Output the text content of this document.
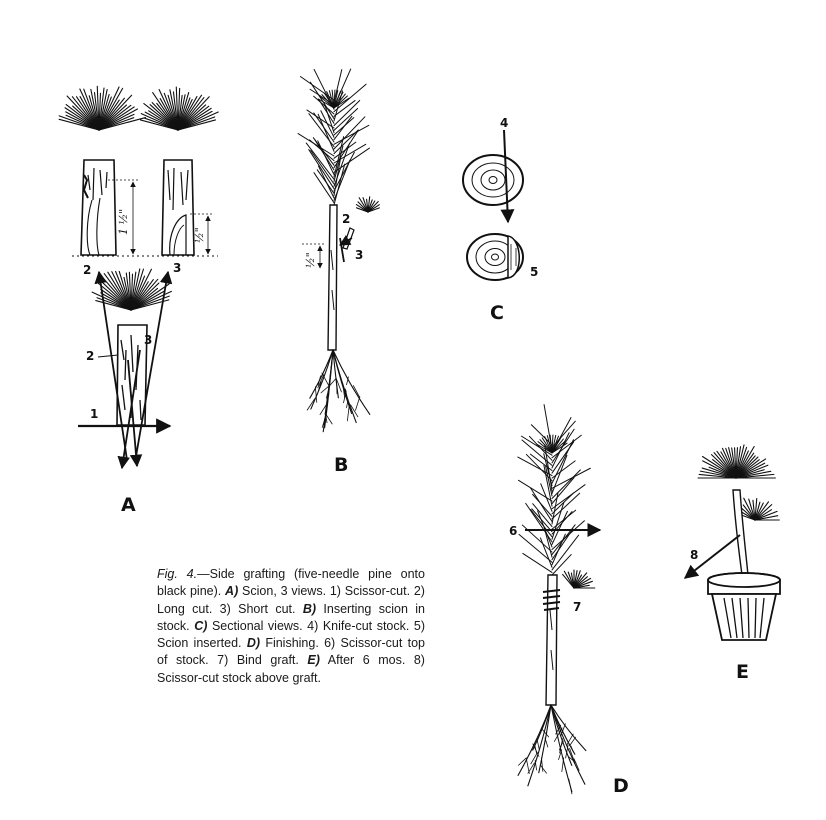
1 ½"
½"
2	3
2
3
1
A
½"
2
3
B
4
5
C
6
7
D
8
E
Fig. 4.—Side grafting (five-needle pine onto black pine). A) Scion, 3 views. 1) Scissor-cut. 2) Long cut. 3) Short cut. B) Inserting scion in stock. C) Sectional views. 4) Knife-cut stock. 5) Scion inserted. D) Finishing. 6) Scissor-cut top of stock. 7) Bind graft. E) After 6 mos. 8) Scissor-cut stock above graft.
